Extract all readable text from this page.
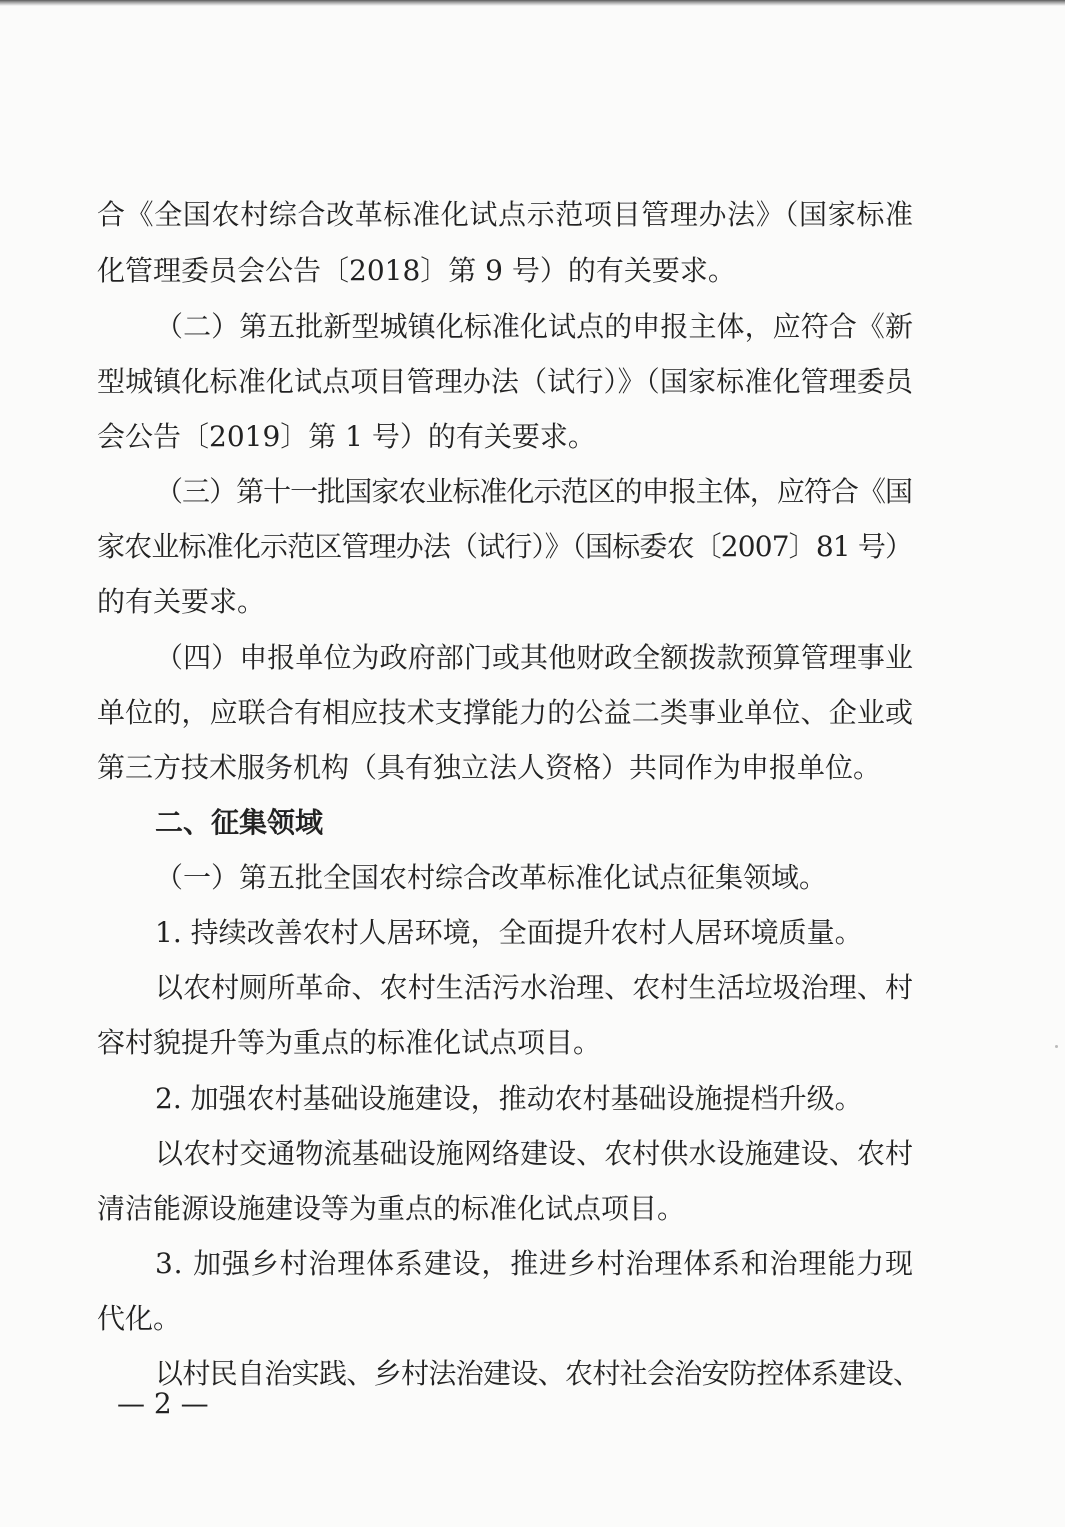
合《全国农村综合改革标准化试点示范项目管理办法》（国家标准
化管理委员会公告〔2018〕第 9 号）的有关要求。
（二）第五批新型城镇化标准化试点的申报主体，应符合《新
型城镇化标准化试点项目管理办法（试行）》（国家标准化管理委员
会公告〔2019〕第 1 号）的有关要求。
（三）第十一批国家农业标准化示范区的申报主体，应符合《国
家农业标准化示范区管理办法（试行）》（国标委农〔2007〕81 号）
的有关要求。
（四）申报单位为政府部门或其他财政全额拨款预算管理事业
单位的，应联合有相应技术支撑能力的公益二类事业单位、企业或
第三方技术服务机构（具有独立法人资格）共同作为申报单位。
二、征集领域
（一）第五批全国农村综合改革标准化试点征集领域。
1. 持续改善农村人居环境，全面提升农村人居环境质量。
以农村厕所革命、农村生活污水治理、农村生活垃圾治理、村
容村貌提升等为重点的标准化试点项目。
2. 加强农村基础设施建设，推动农村基础设施提档升级。
以农村交通物流基础设施网络建设、农村供水设施建设、农村
清洁能源设施建设等为重点的标准化试点项目。
3. 加强乡村治理体系建设，推进乡村治理体系和治理能力现
代化。
以村民自治实践、乡村法治建设、农村社会治安防控体系建设、
— 2 —
